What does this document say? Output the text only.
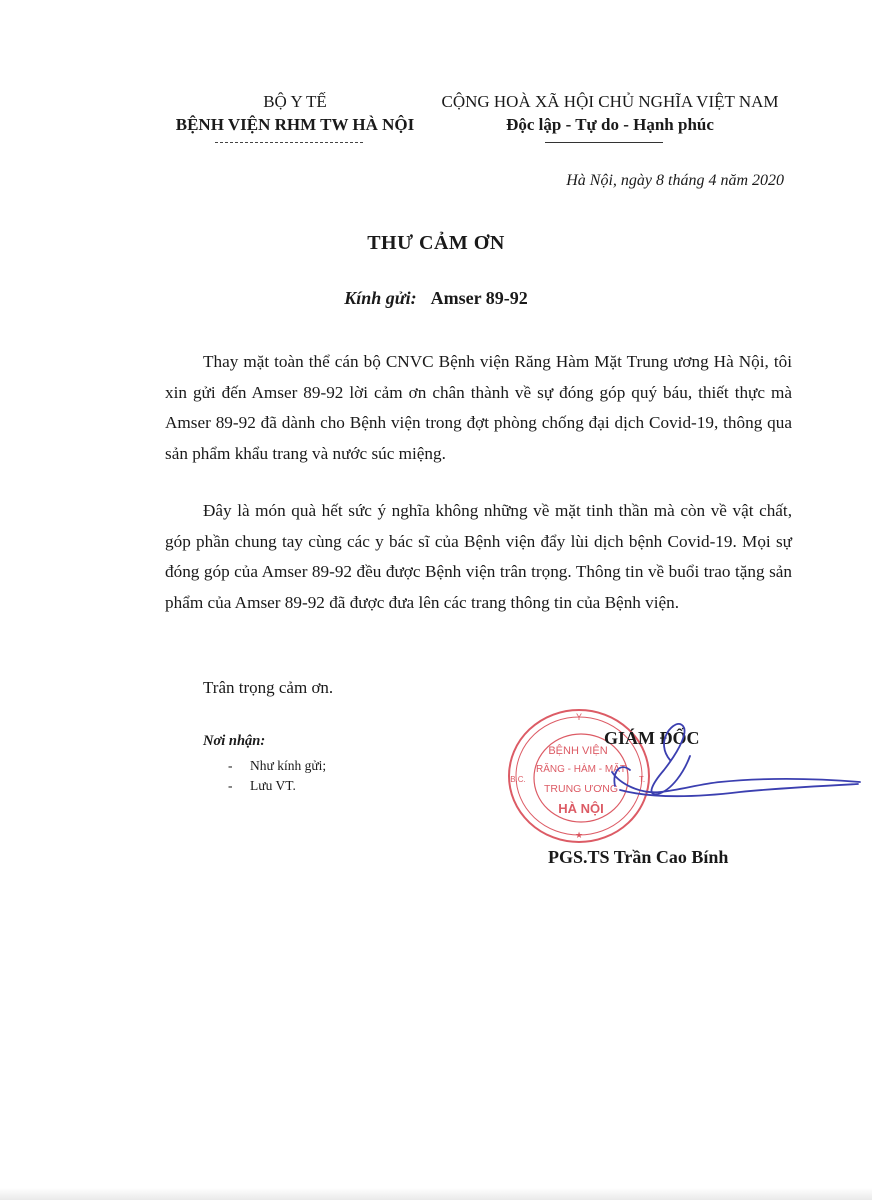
BỘ Y TẾ
BỆNH VIỆN RHM TW HÀ NỘI
CỘNG HOÀ XÃ HỘI CHỦ NGHĨA VIỆT NAM
Độc lập - Tự do - Hạnh phúc
Hà Nội, ngày 8 tháng 4 năm 2020
THƯ CẢM ƠN
Kính gửi: Amser 89-92
Thay mặt toàn thể cán bộ CNVC Bệnh viện Răng Hàm Mặt Trung ương Hà Nội, tôi xin gửi đến Amser 89-92 lời cảm ơn chân thành về sự đóng góp quý báu, thiết thực mà Amser 89-92 đã dành cho Bệnh viện trong đợt phòng chống đại dịch Covid-19, thông qua sản phẩm khẩu trang và nước súc miệng.
Đây là món quà hết sức ý nghĩa không những về mặt tinh thần mà còn về vật chất, góp phần chung tay cùng các y bác sĩ của Bệnh viện đẩy lùi dịch bệnh Covid-19. Mọi sự đóng góp của Amser 89-92 đều được Bệnh viện trân trọng. Thông tin về buổi trao tặng sản phẩm của Amser 89-92 đã được đưa lên các trang thông tin của Bệnh viện.
Trân trọng cảm ơn.
Nơi nhận:
- Như kính gửi;
- Lưu VT.
Y
BỆNH VIỆN
RĂNG - HÀM - MẶT
TRUNG ƯƠNG
HÀ NỘI
B.C.	T.
★
GIÁM ĐỐC
PGS.TS Trần Cao Bính
